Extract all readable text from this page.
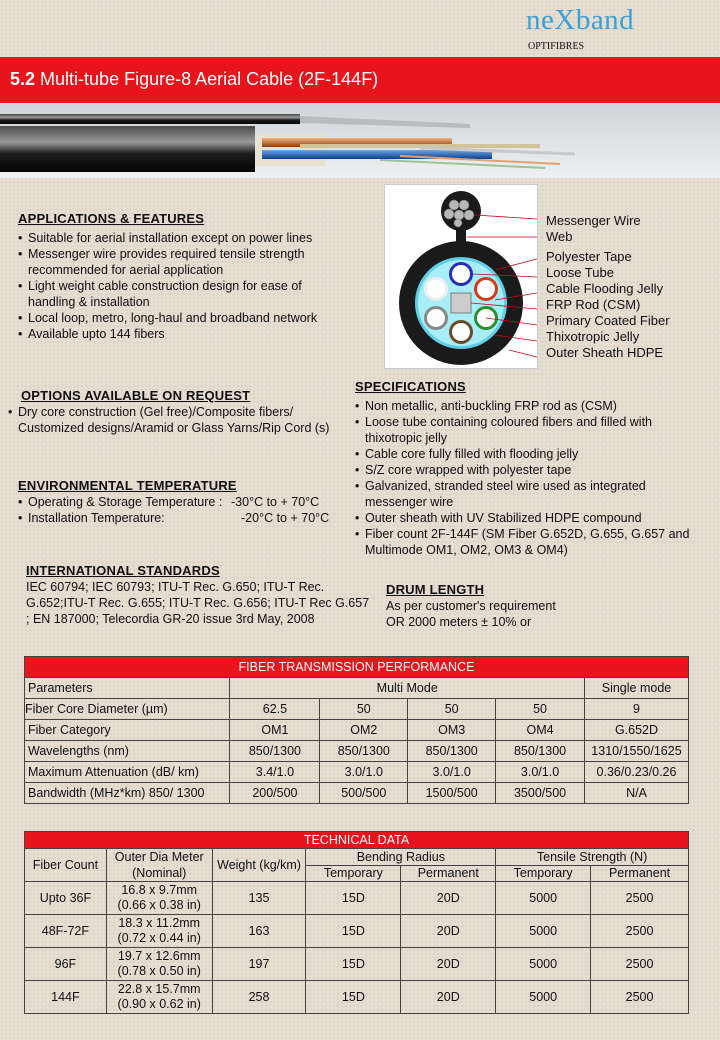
neXband
OPTIFIBRES
5.2 Multi-tube Figure-8 Aerial Cable (2F-144F)
Messenger Wire
Web
Polyester Tape
Loose Tube
Cable Flooding Jelly
FRP Rod (CSM)
Primary Coated Fiber
Thixotropic Jelly
Outer Sheath HDPE
APPLICATIONS & FEATURES
• Suitable for aerial installation except on power lines
• Messenger wire provides required tensile strength recommended for aerial application
• Light weight cable construction design for ease of handling & installation
• Local loop, metro, long-haul and broadband network
• Available upto 144 fibers
OPTIONS AVAILABLE ON REQUEST
• Dry core construction (Gel free)/Composite fibers/ Customized designs/Aramid or Glass Yarns/Rip Cord (s)
ENVIRONMENTAL TEMPERATURE
• Operating & Storage Temperature :-30°C to + 70°C
• Installation Temperature:	-20°C to + 70°C
INTERNATIONAL STANDARDS
IEC 60794; IEC 60793; ITU-T Rec. G.650; ITU-T Rec. G.652;ITU-T Rec. G.655; ITU-T Rec. G.656; ITU-T Rec G.657 ; EN 187000; Telecordia GR-20 issue 3rd May, 2008
SPECIFICATIONS
• Non metallic, anti-buckling FRP rod as (CSM)
• Loose tube containing coloured fibers and filled with thixotropic jelly
• Cable core fully filled with flooding jelly
• S/Z core wrapped with polyester tape
• Galvanized, stranded steel wire used as integrated messenger wire
• Outer sheath with UV Stabilized HDPE compound
• Fiber count 2F-144F (SM Fiber G.652D, G.655, G.657 and Multimode OM1, OM2, OM3 & OM4)
DRUM LENGTH
As per customer's requirement
OR 2000 meters ± 10% or
FIBER TRANSMISSION PERFORMANCE					
Parameters	Multi Mode				Single mode
Fiber Core Diameter (µm)	62.5	50	50	50	9
Fiber Category	OM1	OM2	OM3	OM4	G.652D
Wavelengths (nm)	850/1300	850/1300	850/1300	850/1300	1310/1550/1625
Maximum Attenuation (dB/ km)	3.4/1.0	3.0/1.0	3.0/1.0	3.0/1.0	0.36/0.23/0.26
Bandwidth (MHz*km) 850/ 1300	200/500	500/500	1500/500	3500/500	N/A
TECHNICAL DATA						
Fiber Count	Outer Dia Meter
(Nominal)	Weight (kg/km)	Bending Radius		Tensile Strength (N)	
			Temporary	Permanent	Temporary	Permanent
Upto 36F	16.8 x 9.7mm
(0.66 x 0.38 in)	135	15D	20D	5000	2500
48F-72F	18.3 x 11.2mm
(0.72 x 0.44 in)	163	15D	20D	5000	2500
96F	19.7 x 12.6mm
(0.78 x 0.50 in)	197	15D	20D	5000	2500
144F	22.8 x 15.7mm
(0.90 x 0.62 in)	258	15D	20D	5000	2500
